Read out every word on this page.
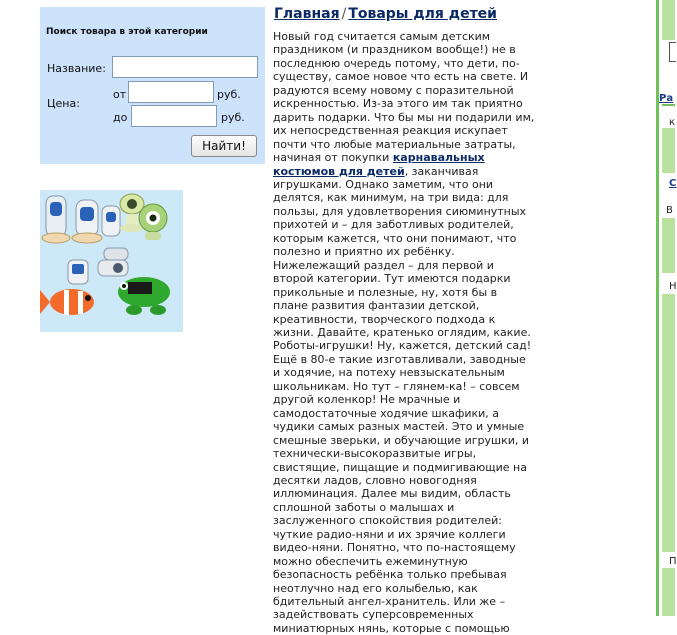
Поиск товара в этой категории
Название:
Цена:
от	руб.
до	руб.
Найти!
Главная / Товары для детей
Новый год считается самым детским праздником (и праздником вообще!) не в последнюю очередь потому, что дети, по-существу, самое новое что есть на свете. И радуются всему новому с поразительной искренностью. Из-за этого им так приятно дарить подарки. Что бы мы ни подарили им, их непосредственная реакция искупает почти что любые материальные затраты, начиная от покупки карнавальных костюмов для детей, заканчивая игрушками. Однако заметим, что они делятся, как минимум, на три вида: для пользы, для удовлетворения сиюминутных прихотей и – для заботливых родителей, которым кажется, что они понимают, что полезно и приятно их ребёнку. Нижележащий раздел – для первой и второй категории. Тут имеются подарки прикольные и полезные, ну, хотя бы в плане развития фантазии детской, креативности, творческого подхода к жизни. Давайте, кратенько оглядим, какие. Роботы-игрушки! Ну, кажется, детский сад! Ещё в 80-е такие изготавливали, заводные и ходячие, на потеху невзыскательным школьникам. Но тут – глянем-ка! – совсем другой коленкор! Не мрачные и самодостаточные ходячие шкафики, а чудики самых разных мастей. Это и умные смешные зверьки, и обучающие игрушки, и технически-высокоразвитые игры, свистящие, пищащие и подмигивающие на десятки ладов, словно новогодняя иллюминация. Далее мы видим, область сплошной заботы о малышах и заслуженного спокойствия родителей: чуткие радио-няни и их зрячие коллеги видео-няни. Понятно, что по-настоящему можно обеспечить ежеминутную безопасность ребёнка только пребывая неотлучно над его колыбелью, как бдительный ангел-хранитель. Или же – задействовать суперсовременных миниатюрных нянь, которые с помощью
Ра
к
С
В
Н
П
